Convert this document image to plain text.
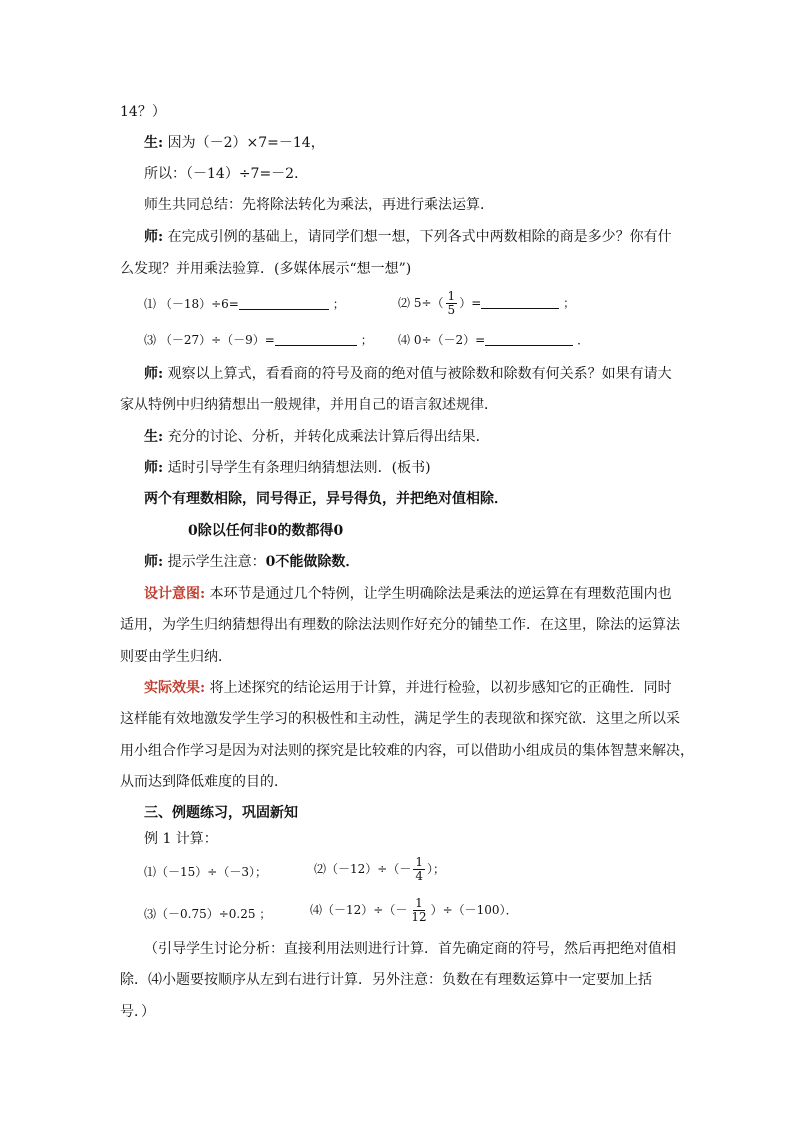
14？）
生: 因为（－2）×7=－14，
所以：（－14）÷7=－2．
师生共同总结：先将除法转化为乘法，再进行乘法运算．
师: 在完成引例的基础上，请同学们想一想，下列各式中两数相除的商是多少？你有什
么发现？并用乘法验算．(多媒体展示“想一想”)
⑴ （－18）÷6=	；	⑵ $5\div( \frac{1}{5}$ ）=	；
⑶ （－27）÷（－9）=	； ⑷ 0÷（－2）=	．
师: 观察以上算式，看看商的符号及商的绝对值与被除数和除数有何关系？如果有请大
家从特例中归纳猜想出一般规律，并用自己的语言叙述规律．
生: 充分的讨论、分析，并转化成乘法计算后得出结果．
师: 适时引导学生有条理归纳猜想法则．(板书)
两个有理数相除，同号得正，异号得负，并把绝对值相除．
0除以任何非0的数都得0
师: 提示学生注意：0不能做除数．
设计意图: 本环节是通过几个特例，让学生明确除法是乘法的逆运算在有理数范围内也
适用，为学生归纳猜想得出有理数的除法法则作好充分的铺垫工作．在这里，除法的运算法
则要由学生归纳．
实际效果: 将上述探究的结论运用于计算，并进行检验，以初步感知它的正确性．同时
这样能有效地激发学生学习的积极性和主动性，满足学生的表现欲和探究欲．这里之所以采
用小组合作学习是因为对法则的探究是比较难的内容，可以借助小组成员的集体智慧来解决，
从而达到降低难度的目的．
三、例题练习，巩固新知
例 1 计算：
⑴（－15）÷（－3）；	⑵（－12）÷（－ $\frac{1}{4}$ ）；
⑶（－0.75）÷0.25 ；	⑷（－12）÷（－ $\frac{1}{12} )\div(-100)$．
（引导学生讨论分析：直接利用法则进行计算．首先确定商的符号，然后再把绝对值相
除．⑷小题要按顺序从左到右进行计算．另外注意：负数在有理数运算中一定要加上括
号．）
